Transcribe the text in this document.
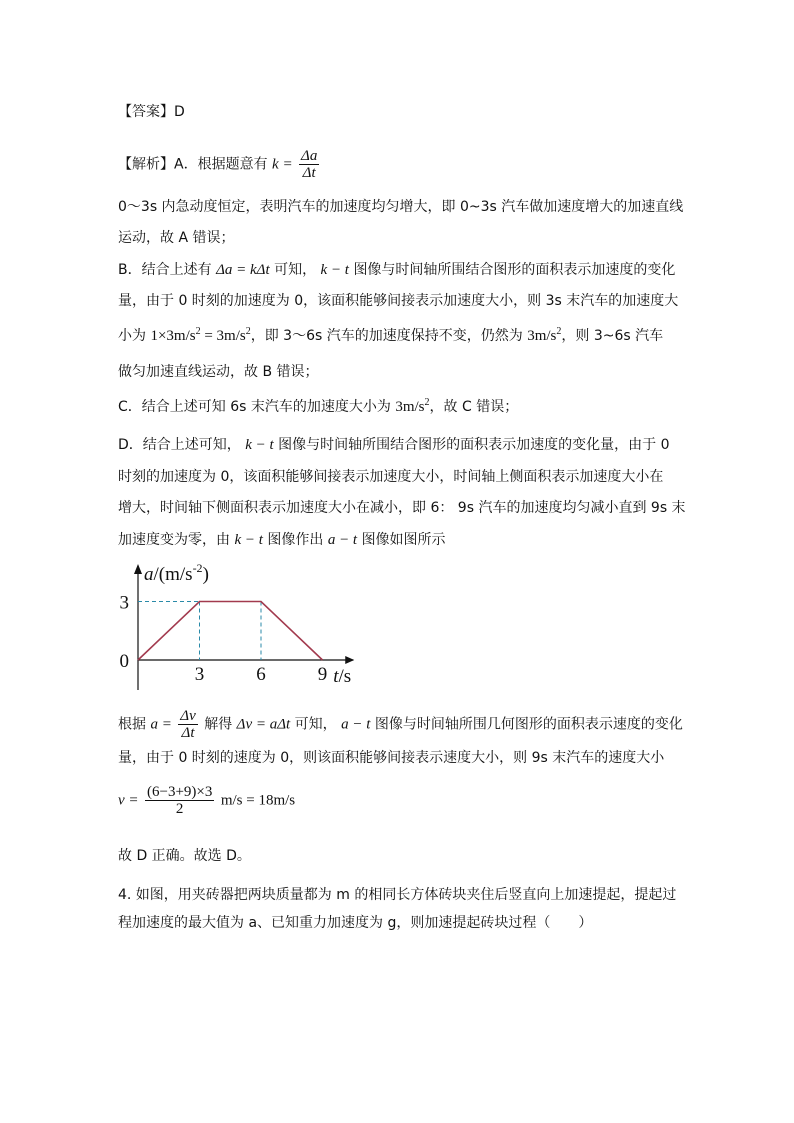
【答案】D
【解析】A．根据题意有 $k = \frac{\Delta a}{\Delta t}$
0～3s 内急动度恒定，表明汽车的加速度均匀增大，即 0~3s 汽车做加速度增大的加速直线
运动，故 A 错误；
B．结合上述有 Δa = kΔt 可知， k − t 图像与时间轴所围结合图形的面积表示加速度的变化
量，由于 0 时刻的加速度为 0，该面积能够间接表示加速度大小，则 3s 末汽车的加速度大
小为 $1\times 3m/s^2 = 3m/s^2$，即 3～6s 汽车的加速度保持不变，仍然为 $3m/s^2$，则 3~6s 汽车
做匀加速直线运动，故 B 错误；
C．结合上述可知 6s 末汽车的加速度大小为 $3m/s^2$，故 C 错误；
D．结合上述可知， k − t 图像与时间轴所围结合图形的面积表示加速度的变化量，由于 0
时刻的加速度为 0，该面积能够间接表示加速度大小，时间轴上侧面积表示加速度大小在
增大，时间轴下侧面积表示加速度大小在减小，即 6： 9s 汽车的加速度均匀减小直到 9s 末
加速度变为零，由 k − t 图像作出 a − t 图像如图所示
3	6	9
3
0
$a/(m/s^{-2})$
t/s
根据 $a = \frac{\Delta v}{\Delta t}$ 解得 Δv = aΔt 可知， a − t 图像与时间轴所围几何图形的面积表示速度的变化
量，由于 0 时刻的速度为 0，则该面积能够间接表示速度大小，则 9s 末汽车的速度大小
$v = \frac{(6-3+9)\times 3}{2} m/s = 18m/s$
故 D 正确。故选 D。
4. 如图，用夹砖器把两块质量都为 m 的相同长方体砖块夹住后竖直向上加速提起，提起过
程加速度的最大值为 a、已知重力加速度为 g，则加速提起砖块过程（　　）
